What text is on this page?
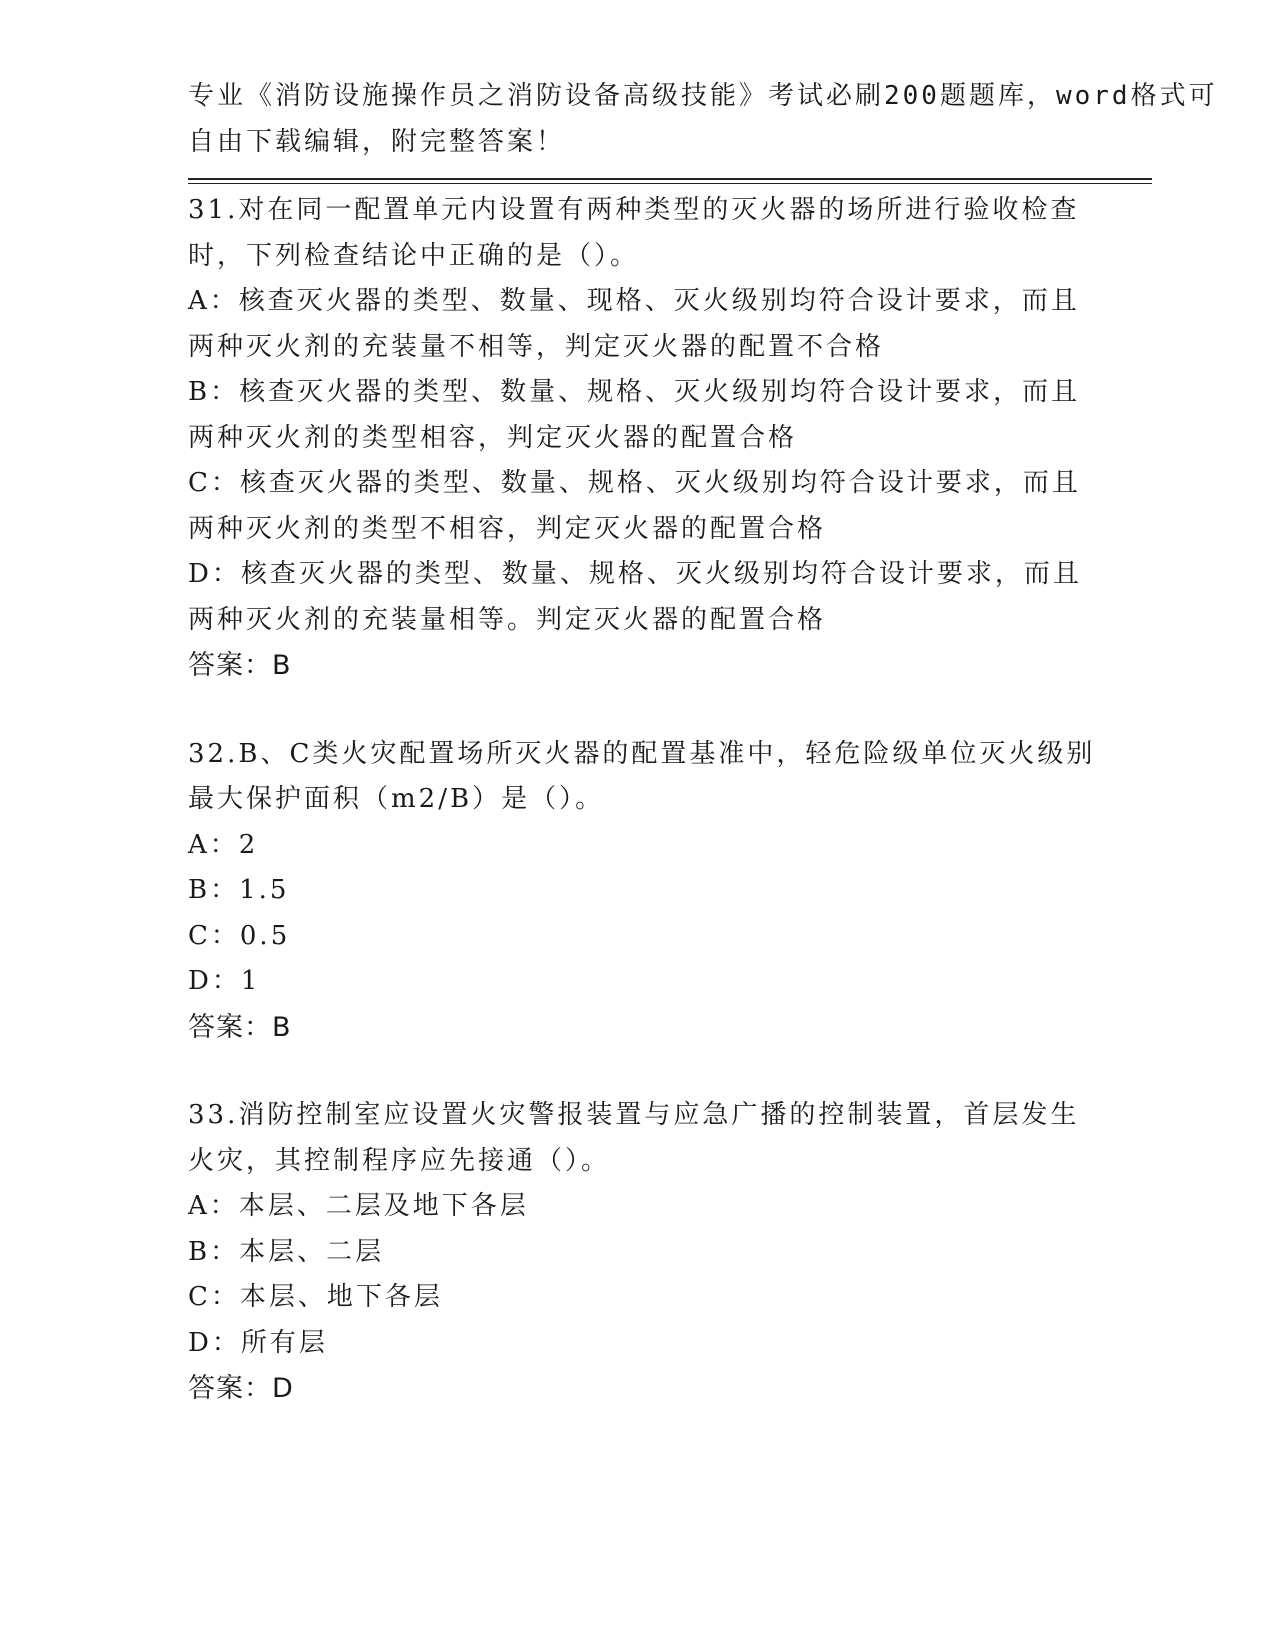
专业《消防设施操作员之消防设备高级技能》考试必刷200题题库，word格式可
自由下载编辑，附完整答案！
31.对在同一配置单元内设置有两种类型的灭火器的场所进行验收检查
时，下列检查结论中正确的是（）。
A：核查灭火器的类型、数量、现格、灭火级别均符合设计要求，而且
两种灭火剂的充装量不相等，判定灭火器的配置不合格
B：核查灭火器的类型、数量、规格、灭火级别均符合设计要求，而且
两种灭火剂的类型相容，判定灭火器的配置合格
C：核查灭火器的类型、数量、规格、灭火级别均符合设计要求，而且
两种灭火剂的类型不相容，判定灭火器的配置合格
D：核查灭火器的类型、数量、规格、灭火级别均符合设计要求，而且
两种灭火剂的充装量相等。判定灭火器的配置合格
答案：B
32.B、C类火灾配置场所灭火器的配置基准中，轻危险级单位灭火级别
最大保护面积（m2/B）是（）。
A：2
B：1.5
C：0.5
D：1
答案：B
33.消防控制室应设置火灾警报装置与应急广播的控制装置，首层发生
火灾，其控制程序应先接通（）。
A：本层、二层及地下各层
B：本层、二层
C：本层、地下各层
D：所有层
答案：D
